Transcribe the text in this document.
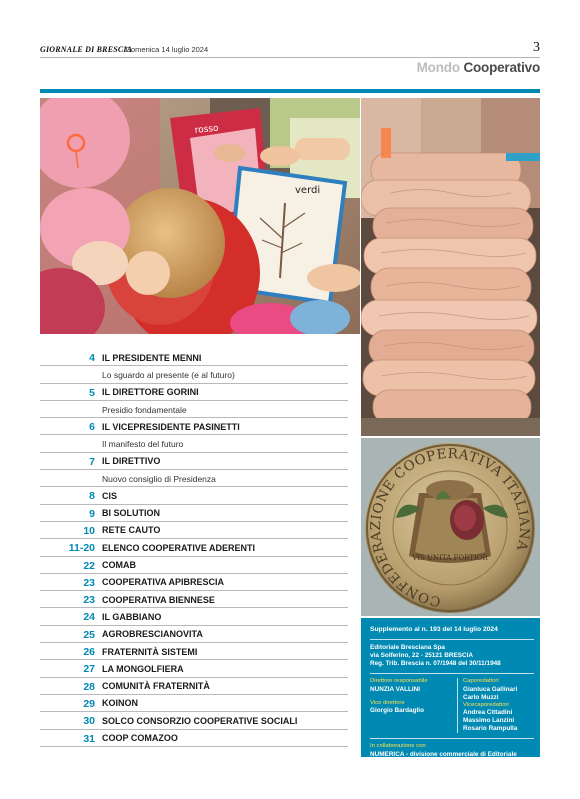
GIORNALE DI BRESCIA
· Domenica 14 luglio 2024	3
Mondo Cooperativo
verdi
rosso
CONFEDERAZIONE COOPERATIVA ITALIANA
VIS UNITA FORTIOR
4 IL PRESIDENTE MENNI
Lo sguardo al presente (e al futuro)
5 IL DIRETTORE GORINI
Presidio fondamentale
6 IL VICEPRESIDENTE PASINETTI
Il manifesto del futuro
7 IL DIRETTIVO
Nuovo consiglio di Presidenza
8 CIS
9 BI SOLUTION
10 RETE CAUTO
11-20 ELENCO COOPERATIVE ADERENTI
22 COMAB
23 COOPERATIVA APIBRESCIA
23 COOPERATIVA BIENNESE
24 IL GABBIANO
25 AGROBRESCIANOVITA
26 FRATERNITÀ SISTEMI
27 LA MONGOLFIERA
28 COMUNITÀ FRATERNITÀ
29 KOINON
30 SOLCO CONSORZIO COOPERATIVE SOCIALI
31 COOP COMAZOO
Supplemento al n. 193 del 14 luglio 2024
Editoriale Bresciana Spa
via Solferino, 22 - 25121 BRESCIA
Reg. Trib. Brescia n. 07/1948 del 30/11/1948
Direttore responsabile
NUNZIA VALLINI
Vice direttore
Giorgio Bardaglio
Caporedattori
Gianluca Gallinari
Carlo Muzzi
Vicecaporedattori
Andrea Cittadini
Massimo Lanzini
Rosario Rampulla
In collaborazione con
NUMERICA - divisione commerciale di Editoriale Bresciana S.p.A.
